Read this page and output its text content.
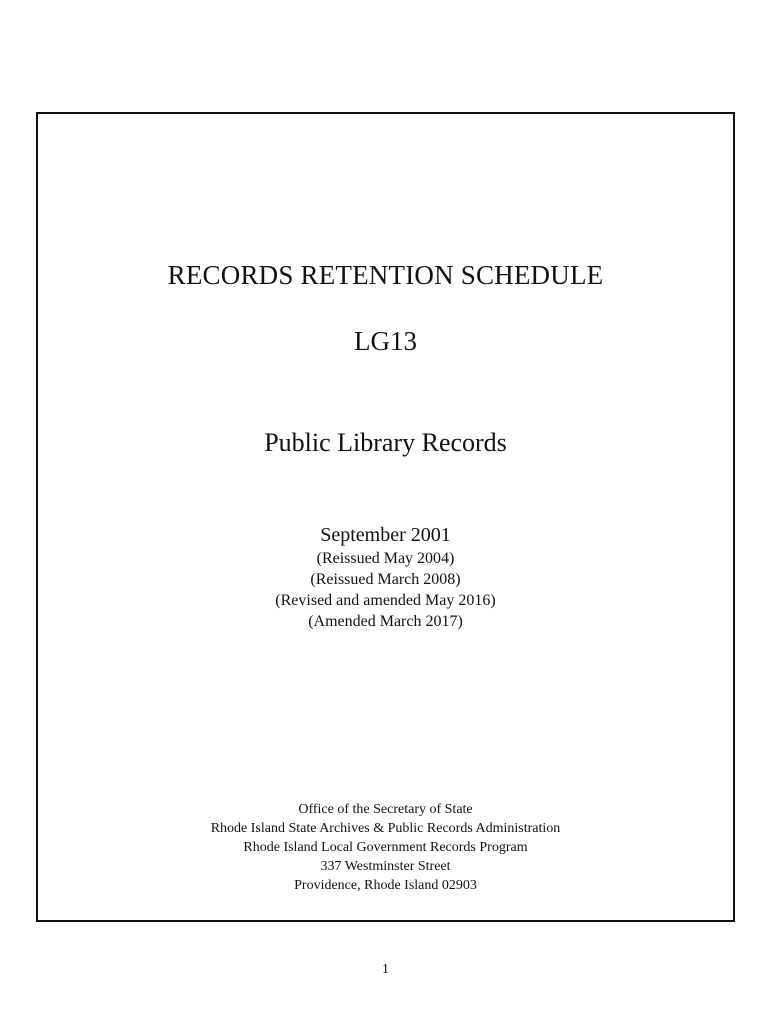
RECORDS RETENTION SCHEDULE
LG13
Public Library Records
September 2001
(Reissued May 2004)
(Reissued March 2008)
(Revised and amended May 2016)
(Amended March 2017)
Office of the Secretary of State
Rhode Island State Archives & Public Records Administration
Rhode Island Local Government Records Program
337 Westminster Street
Providence, Rhode Island 02903
1
